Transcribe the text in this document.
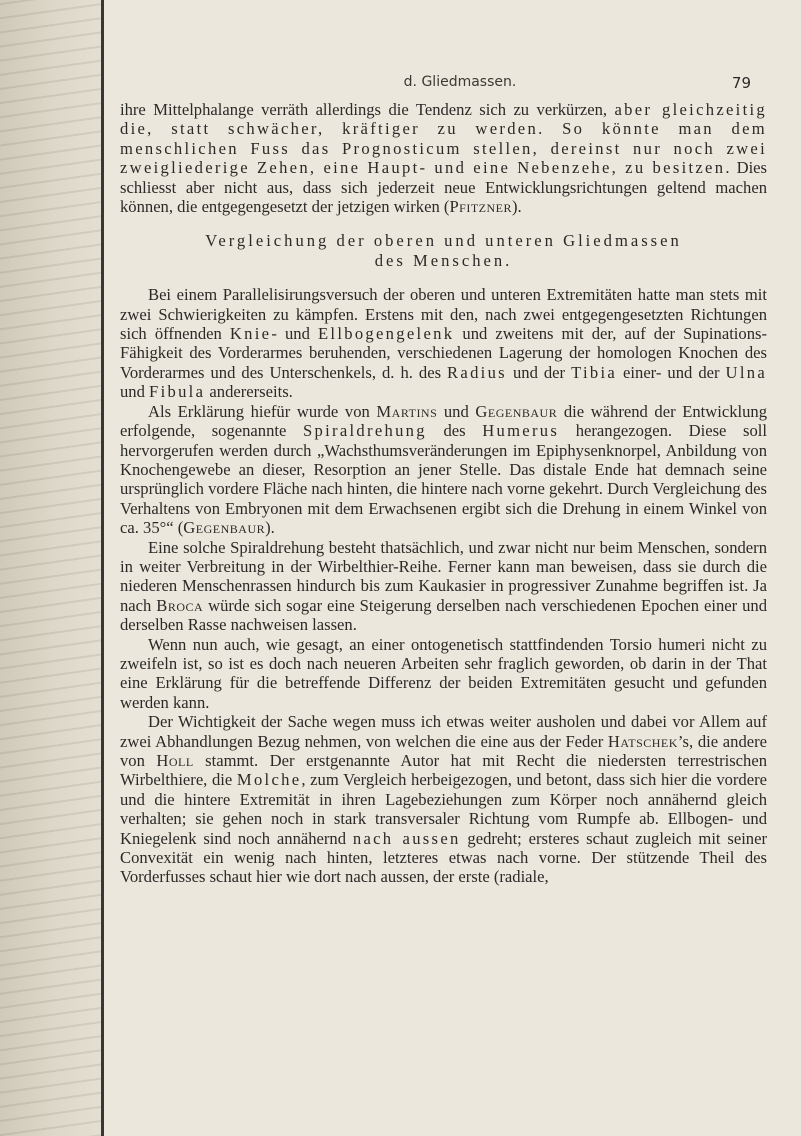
d. Gliedmassen.	79

ihre Mittelphalange verräth allerdings die Tendenz sich zu verkürzen, aber gleichzeitig die, statt schwächer, kräftiger zu werden. So könnte man dem menschlichen Fuss das Prognosticum stellen, dereinst nur noch zwei zweigliederige Zehen, eine Haupt- und eine Nebenzehe, zu besitzen. Dies schliesst aber nicht aus, dass sich jederzeit neue Entwicklungsrichtungen geltend machen können, die entgegengesetzt der jetzigen wirken (Pfitzner).

Vergleichung der oberen und unteren Gliedmassen
des Menschen.

Bei einem Parallelisirungsversuch der oberen und unteren Extremitäten hatte man stets mit zwei Schwierigkeiten zu kämpfen. Erstens mit den, nach zwei entgegengesetzten Richtungen sich öffnenden Knie- und Ellbogengelenk und zweitens mit der, auf der Supinations-Fähigkeit des Vorderarmes beruhenden, verschiedenen Lagerung der homologen Knochen des Vorderarmes und des Unterschenkels, d. h. des Radius und der Tibia einer- und der Ulna und Fibula andererseits.

Als Erklärung hiefür wurde von Martins und Gegenbaur die während der Entwicklung erfolgende, sogenannte Spiraldrehung des Humerus herangezogen. Diese soll hervorgerufen werden durch „Wachsthumsveränderungen im Epiphysenknorpel, Anbildung von Knochengewebe an dieser, Resorption an jener Stelle. Das distale Ende hat demnach seine ursprünglich vordere Fläche nach hinten, die hintere nach vorne gekehrt. Durch Vergleichung des Verhaltens von Embryonen mit dem Erwachsenen ergibt sich die Drehung in einem Winkel von ca. 35°“ (Gegenbaur).

Eine solche Spiraldrehung besteht thatsächlich, und zwar nicht nur beim Menschen, sondern in weiter Verbreitung in der Wirbelthier-Reihe. Ferner kann man beweisen, dass sie durch die niederen Menschenrassen hindurch bis zum Kaukasier in progressiver Zunahme begriffen ist. Ja nach Broca würde sich sogar eine Steigerung derselben nach verschiedenen Epochen einer und derselben Rasse nachweisen lassen.

Wenn nun auch, wie gesagt, an einer ontogenetisch stattfindenden Torsio humeri nicht zu zweifeln ist, so ist es doch nach neueren Arbeiten sehr fraglich geworden, ob darin in der That eine Erklärung für die betreffende Differenz der beiden Extremitäten gesucht und gefunden werden kann.

Der Wichtigkeit der Sache wegen muss ich etwas weiter ausholen und dabei vor Allem auf zwei Abhandlungen Bezug nehmen, von welchen die eine aus der Feder Hatschek’s, die andere von Holl stammt. Der erstgenannte Autor hat mit Recht die niedersten terrestrischen Wirbelthiere, die Molche, zum Vergleich herbeigezogen, und betont, dass sich hier die vordere und die hintere Extremität in ihren Lagebeziehungen zum Körper noch annähernd gleich verhalten; sie gehen noch in stark transversaler Richtung vom Rumpfe ab. Ellbogen- und Kniegelenk sind noch annähernd nach aussen gedreht; ersteres schaut zugleich mit seiner Convexität ein wenig nach hinten, letzteres etwas nach vorne. Der stützende Theil des Vorderfusses schaut hier wie dort nach aussen, der erste (radiale,
